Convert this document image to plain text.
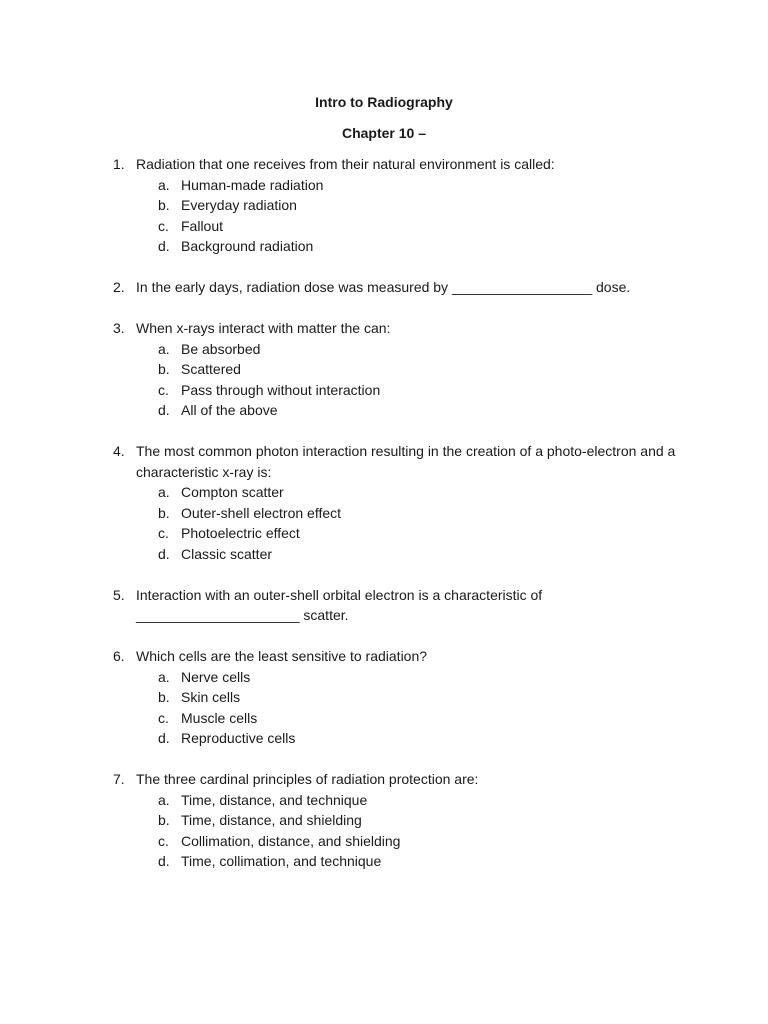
Intro to Radiography
Chapter 10 –
1. Radiation that one receives from their natural environment is called:
a. Human-made radiation
b. Everyday radiation
c. Fallout
d. Background radiation
2. In the early days, radiation dose was measured by __________________ dose.
3. When x-rays interact with matter the can:
a. Be absorbed
b. Scattered
c. Pass through without interaction
d. All of the above
4. The most common photon interaction resulting in the creation of a photo-electron and a characteristic x-ray is:
a. Compton scatter
b. Outer-shell electron effect
c. Photoelectric effect
d. Classic scatter
5. Interaction with an outer-shell orbital electron is a characteristic of _____________________ scatter.
6. Which cells are the least sensitive to radiation?
a. Nerve cells
b. Skin cells
c. Muscle cells
d. Reproductive cells
7. The three cardinal principles of radiation protection are:
a. Time, distance, and technique
b. Time, distance, and shielding
c. Collimation, distance, and shielding
d. Time, collimation, and technique
